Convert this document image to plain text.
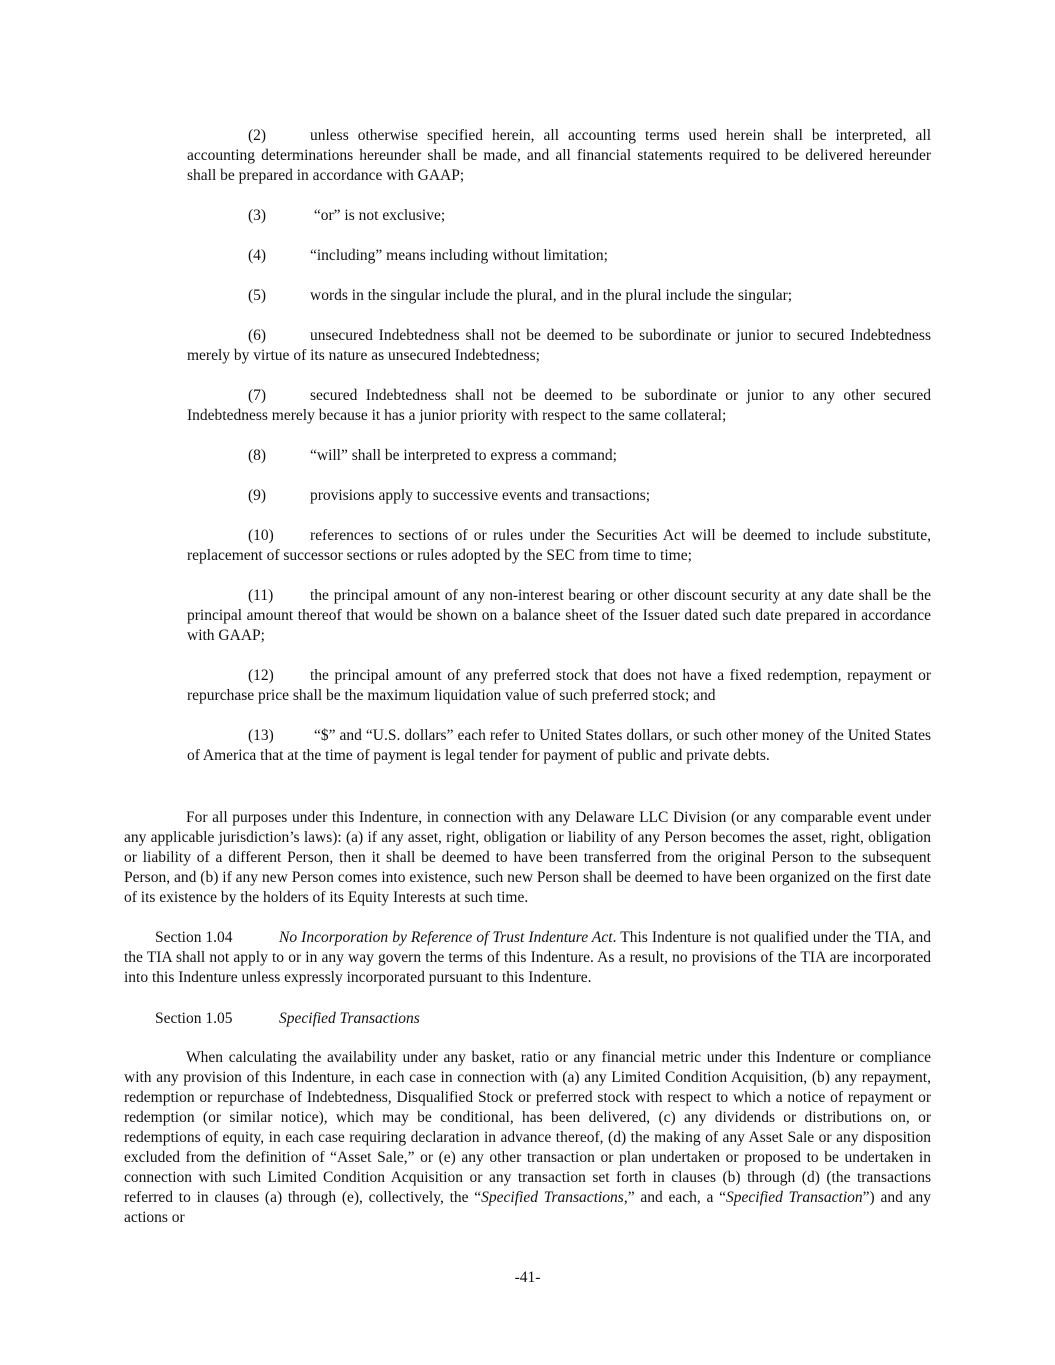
(2)	unless otherwise specified herein, all accounting terms used herein shall be interpreted, all accounting determinations hereunder shall be made, and all financial statements required to be delivered hereunder shall be prepared in accordance with GAAP;

(3)	“or” is not exclusive;

(4)	“including” means including without limitation;

(5)	words in the singular include the plural, and in the plural include the singular;

(6)	unsecured Indebtedness shall not be deemed to be subordinate or junior to secured Indebtedness merely by virtue of its nature as unsecured Indebtedness;

(7)	secured Indebtedness shall not be deemed to be subordinate or junior to any other secured Indebtedness merely because it has a junior priority with respect to the same collateral;

(8)	“will” shall be interpreted to express a command;

(9)	provisions apply to successive events and transactions;

(10) references to sections of or rules under the Securities Act will be deemed to include substitute, replacement of successor sections or rules adopted by the SEC from time to time;

(11) the principal amount of any non-interest bearing or other discount security at any date shall be the principal amount thereof that would be shown on a balance sheet of the Issuer dated such date prepared in accordance with GAAP;

(12) the principal amount of any preferred stock that does not have a fixed redemption, repayment or repurchase price shall be the maximum liquidation value of such preferred stock; and

(13) “$” and “U.S. dollars” each refer to United States dollars, or such other money of the United States of America that at the time of payment is legal tender for payment of public and private debts.

For all purposes under this Indenture, in connection with any Delaware LLC Division (or any comparable event under any applicable jurisdiction’s laws): (a) if any asset, right, obligation or liability of any Person becomes the asset, right, obligation or liability of a different Person, then it shall be deemed to have been transferred from the original Person to the subsequent Person, and (b) if any new Person comes into existence, such new Person shall be deemed to have been organized on the first date of its existence by the holders of its Equity Interests at such time.

Section 1.04	No Incorporation by Reference of Trust Indenture Act. This Indenture is not qualified under the TIA, and the TIA shall not apply to or in any way govern the terms of this Indenture. As a result, no provisions of the TIA are incorporated into this Indenture unless expressly incorporated pursuant to this Indenture.

Section 1.05	Specified Transactions

When calculating the availability under any basket, ratio or any financial metric under this Indenture or compliance with any provision of this Indenture, in each case in connection with (a) any Limited Condition Acquisition, (b) any repayment, redemption or repurchase of Indebtedness, Disqualified Stock or preferred stock with respect to which a notice of repayment or redemption (or similar notice), which may be conditional, has been delivered, (c) any dividends or distributions on, or redemptions of equity, in each case requiring declaration in advance thereof, (d) the making of any Asset Sale or any disposition excluded from the definition of “Asset Sale,” or (e) any other transaction or plan undertaken or proposed to be undertaken in connection with such Limited Condition Acquisition or any transaction set forth in clauses (b) through (d) (the transactions referred to in clauses (a) through (e), collectively, the “Specified Transactions,” and each, a “Specified Transaction”) and any actions or

-41-
